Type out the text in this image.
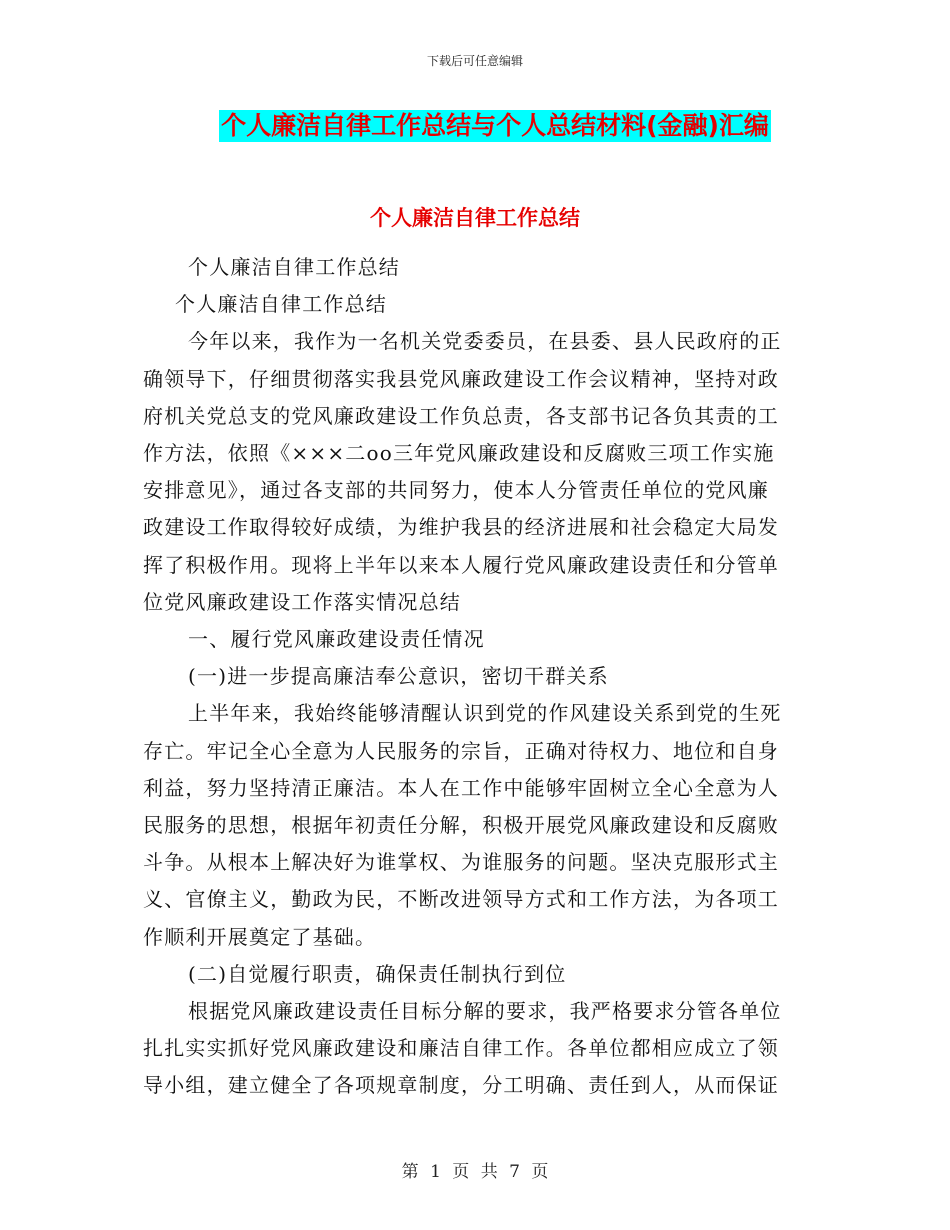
下载后可任意编辑
个人廉洁自律工作总结与个人总结材料(金融)汇编
个人廉洁自律工作总结

个人廉洁自律工作总结

个人廉洁自律工作总结

今年以来，我作为一名机关党委委员，在县委、县人民政府的正

确领导下，仔细贯彻落实我县党风廉政建设工作会议精神，坚持对政

府机关党总支的党风廉政建设工作负总责，各支部书记各负其责的工

作方法，依照《×××二oo三年党风廉政建设和反腐败三项工作实施

安排意见》，通过各支部的共同努力，使本人分管责任单位的党风廉

政建设工作取得较好成绩，为维护我县的经济进展和社会稳定大局发

挥了积极作用。现将上半年以来本人履行党风廉政建设责任和分管单

位党风廉政建设工作落实情况总结

一、履行党风廉政建设责任情况

(一)进一步提高廉洁奉公意识，密切干群关系

上半年来，我始终能够清醒认识到党的作风建设关系到党的生死

存亡。牢记全心全意为人民服务的宗旨，正确对待权力、地位和自身

利益，努力坚持清正廉洁。本人在工作中能够牢固树立全心全意为人

民服务的思想，根据年初责任分解，积极开展党风廉政建设和反腐败

斗争。从根本上解决好为谁掌权、为谁服务的问题。坚决克服形式主

义、官僚主义，勤政为民，不断改进领导方式和工作方法，为各项工

作顺利开展奠定了基础。

(二)自觉履行职责，确保责任制执行到位

根据党风廉政建设责任目标分解的要求，我严格要求分管各单位

扎扎实实抓好党风廉政建设和廉洁自律工作。各单位都相应成立了领

导小组，建立健全了各项规章制度，分工明确、责任到人，从而保证

第 1 页 共 7 页
